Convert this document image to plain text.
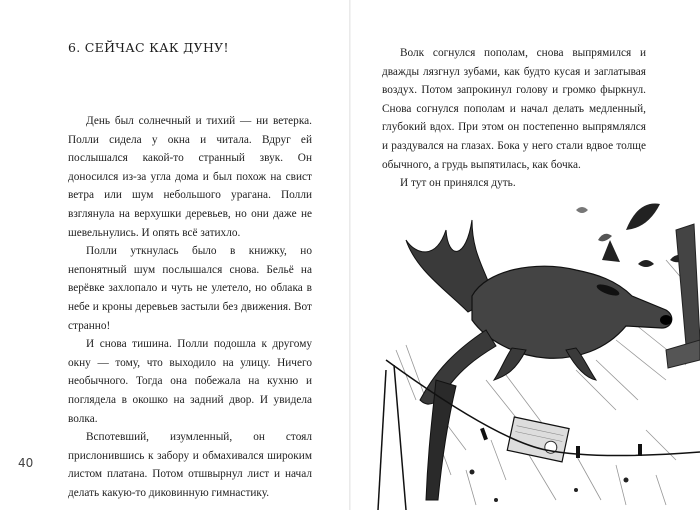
6. СЕЙЧАС КАК ДУНУ!

День был солнечный и тихий — ни ветерка. Полли сидела у окна и читала. Вдруг ей послышался какой-то странный звук. Он доносился из-за угла дома и был похож на свист ветра или шум небольшого урагана. Полли взглянула на верхушки деревьев, но они даже не шевельнулись. И опять всё затихло.

Полли уткнулась было в книжку, но непонятный шум послышался снова. Бельё на верёвке захлопало и чуть не улетело, но облака в небе и кроны деревьев застыли без движения. Вот странно!

И снова тишина. Полли подошла к другому окну — тому, что выходило на улицу. Ничего необычного. Тогда она побежала на кухню и поглядела в окошко на задний двор. И увидела волка.

Вспотевший, изумленный, он стоял прислонившись к забору и обмахивался широким листом платана. Потом отшвырнул лист и начал делать какую-то диковинную гимнастику.

40

Волк согнулся пополам, снова выпрямился и дважды лязгнул зубами, как будто кусая и заглатывая воздух. Потом запрокинул голову и громко фыркнул. Снова согнулся пополам и начал делать медленный, глубокий вдох. При этом он постепенно выпрямлялся и раздувался на глазах. Бока у него стали вдвое толще обычного, а грудь выпятилась, как бочка.

И тут он принялся дуть.
